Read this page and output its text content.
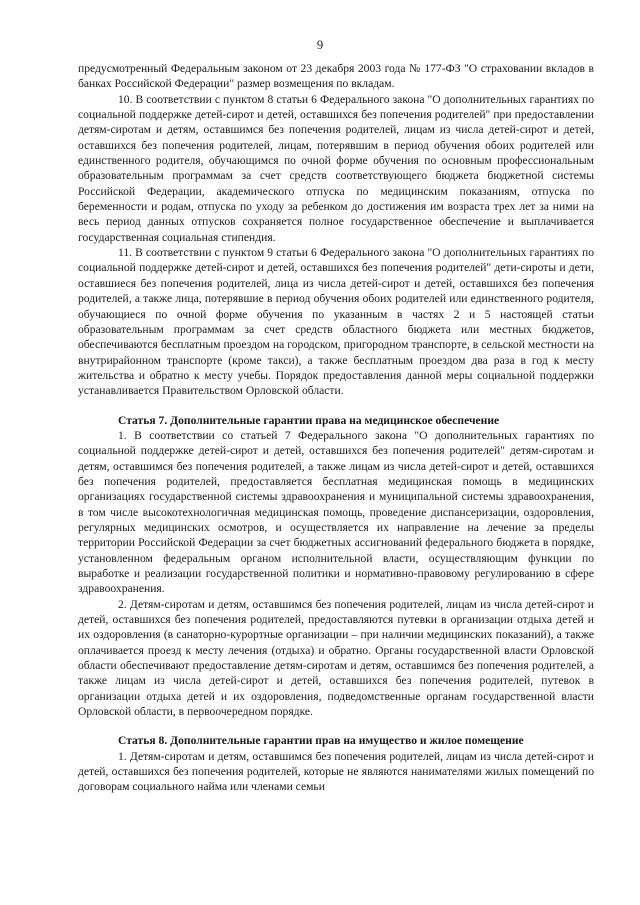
9

предусмотренный Федеральным законом от 23 декабря 2003 года № 177-ФЗ "О страховании вкладов в банках Российской Федерации" размер возмещения по вкладам.

10. В соответствии с пунктом 8 статьи 6 Федерального закона "О дополнительных гарантиях по социальной поддержке детей-сирот и детей, оставшихся без попечения родителей" при предоставлении детям-сиротам и детям, оставшимся без попечения родителей, лицам из числа детей-сирот и детей, оставшихся без попечения родителей, лицам, потерявшим в период обучения обоих родителей или единственного родителя, обучающимся по очной форме обучения по основным профессиональным образовательным программам за счет средств соответствующего бюджета бюджетной системы Российской Федерации, академического отпуска по медицинским показаниям, отпуска по беременности и родам, отпуска по уходу за ребенком до достижения им возраста трех лет за ними на весь период данных отпусков сохраняется полное государственное обеспечение и выплачивается государственная социальная стипендия.

11. В соответствии с пунктом 9 статьи 6 Федерального закона "О дополнительных гарантиях по социальной поддержке детей-сирот и детей, оставшихся без попечения родителей" дети-сироты и дети, оставшиеся без попечения родителей, лица из числа детей-сирот и детей, оставшихся без попечения родителей, а также лица, потерявшие в период обучения обоих родителей или единственного родителя, обучающиеся по очной форме обучения по указанным в частях 2 и 5 настоящей статьи образовательным программам за счет средств областного бюджета или местных бюджетов, обеспечиваются бесплатным проездом на городском, пригородном транспорте, в сельской местности на внутрирайонном транспорте (кроме такси), а также бесплатным проездом два раза в год к месту жительства и обратно к месту учебы. Порядок предоставления данной меры социальной поддержки устанавливается Правительством Орловской области.

Статья 7. Дополнительные гарантии права на медицинское обеспечение

1. В соответствии со статьей 7 Федерального закона "О дополнительных гарантиях по социальной поддержке детей-сирот и детей, оставшихся без попечения родителей" детям-сиротам и детям, оставшимся без попечения родителей, а также лицам из числа детей-сирот и детей, оставшихся без попечения родителей, предоставляется бесплатная медицинская помощь в медицинских организациях государственной системы здравоохранения и муниципальной системы здравоохранения, в том числе высокотехнологичная медицинская помощь, проведение диспансеризации, оздоровления, регулярных медицинских осмотров, и осуществляется их направление на лечение за пределы территории Российской Федерации за счет бюджетных ассигнований федерального бюджета в порядке, установленном федеральным органом исполнительной власти, осуществляющим функции по выработке и реализации государственной политики и нормативно-правовому регулированию в сфере здравоохранения.

2. Детям-сиротам и детям, оставшимся без попечения родителей, лицам из числа детей-сирот и детей, оставшихся без попечения родителей, предоставляются путевки в организации отдыха детей и их оздоровления (в санаторно-курортные организации – при наличии медицинских показаний), а также оплачивается проезд к месту лечения (отдыха) и обратно. Органы государственной власти Орловской области обеспечивают предоставление детям-сиротам и детям, оставшимся без попечения родителей, а также лицам из числа детей-сирот и детей, оставшихся без попечения родителей, путевок в организации отдыха детей и их оздоровления, подведомственные органам государственной власти Орловской области, в первоочередном порядке.

Статья 8. Дополнительные гарантии прав на имущество и жилое помещение

1. Детям-сиротам и детям, оставшимся без попечения родителей, лицам из числа детей-сирот и детей, оставшихся без попечения родителей, которые не являются нанимателями жилых помещений по договорам социального найма или членами семьи
